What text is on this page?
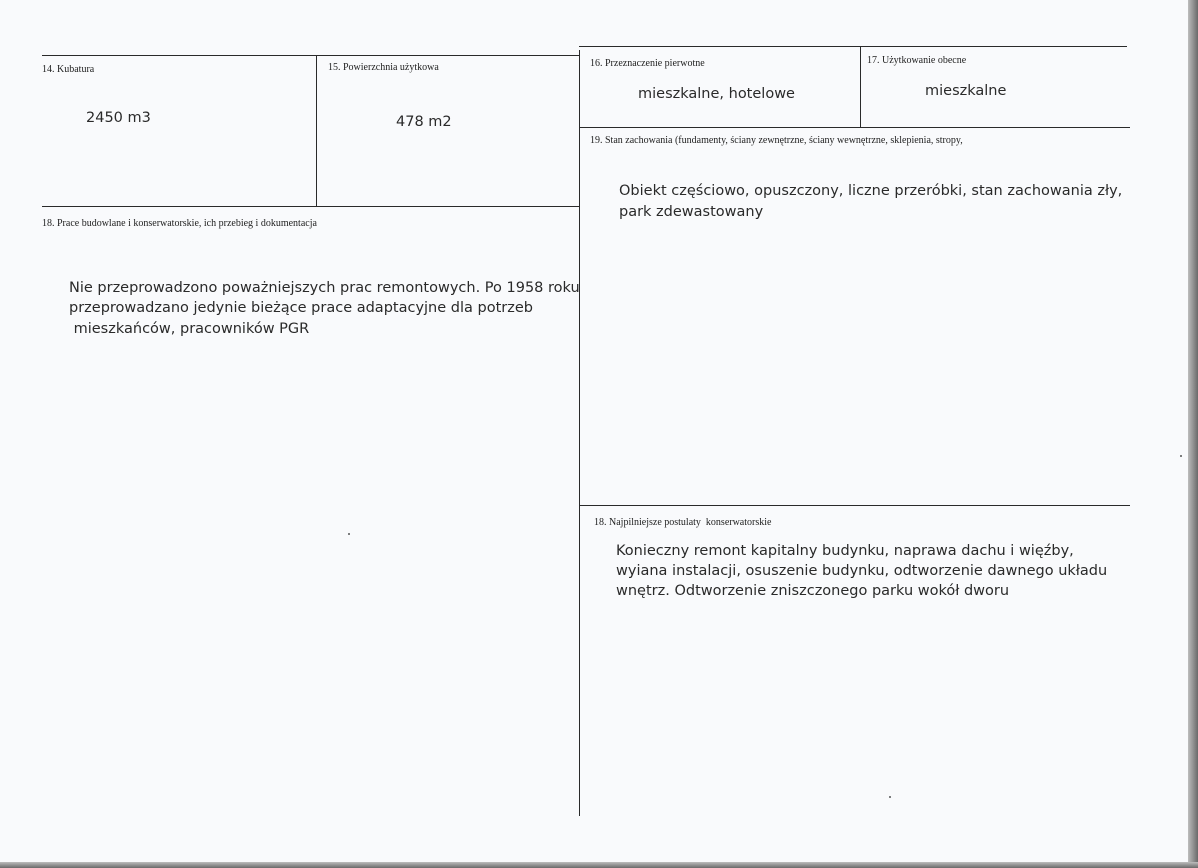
14. Kubatura
2450 m3
15. Powierzchnia użytkowa
478 m2
16. Przeznaczenie pierwotne
mieszkalne, hotelowe
17. Użytkowanie obecne
mieszkalne
19. Stan zachowania (fundamenty, ściany zewnętrzne, ściany wewnętrzne, sklepienia, stropy,
Obiekt częściowo, opuszczony, liczne przeróbki, stan zachowania zły,
park zdewastowany
18. Prace budowlane i konserwatorskie, ich przebieg i dokumentacja
Nie przeprowadzono poważniejszych prac remontowych. Po 1958 roku
przeprowadzano jedynie bieżące prace adaptacyjne dla potrzeb
mieszkańców, pracowników PGR
18. Najpilniejsze postulaty  konserwatorskie
Konieczny remont kapitalny budynku, naprawa dachu i więźby,
wyiana instalacji, osuszenie budynku, odtworzenie dawnego układu
wnętrz. Odtworzenie zniszczonego parku wokół dworu
